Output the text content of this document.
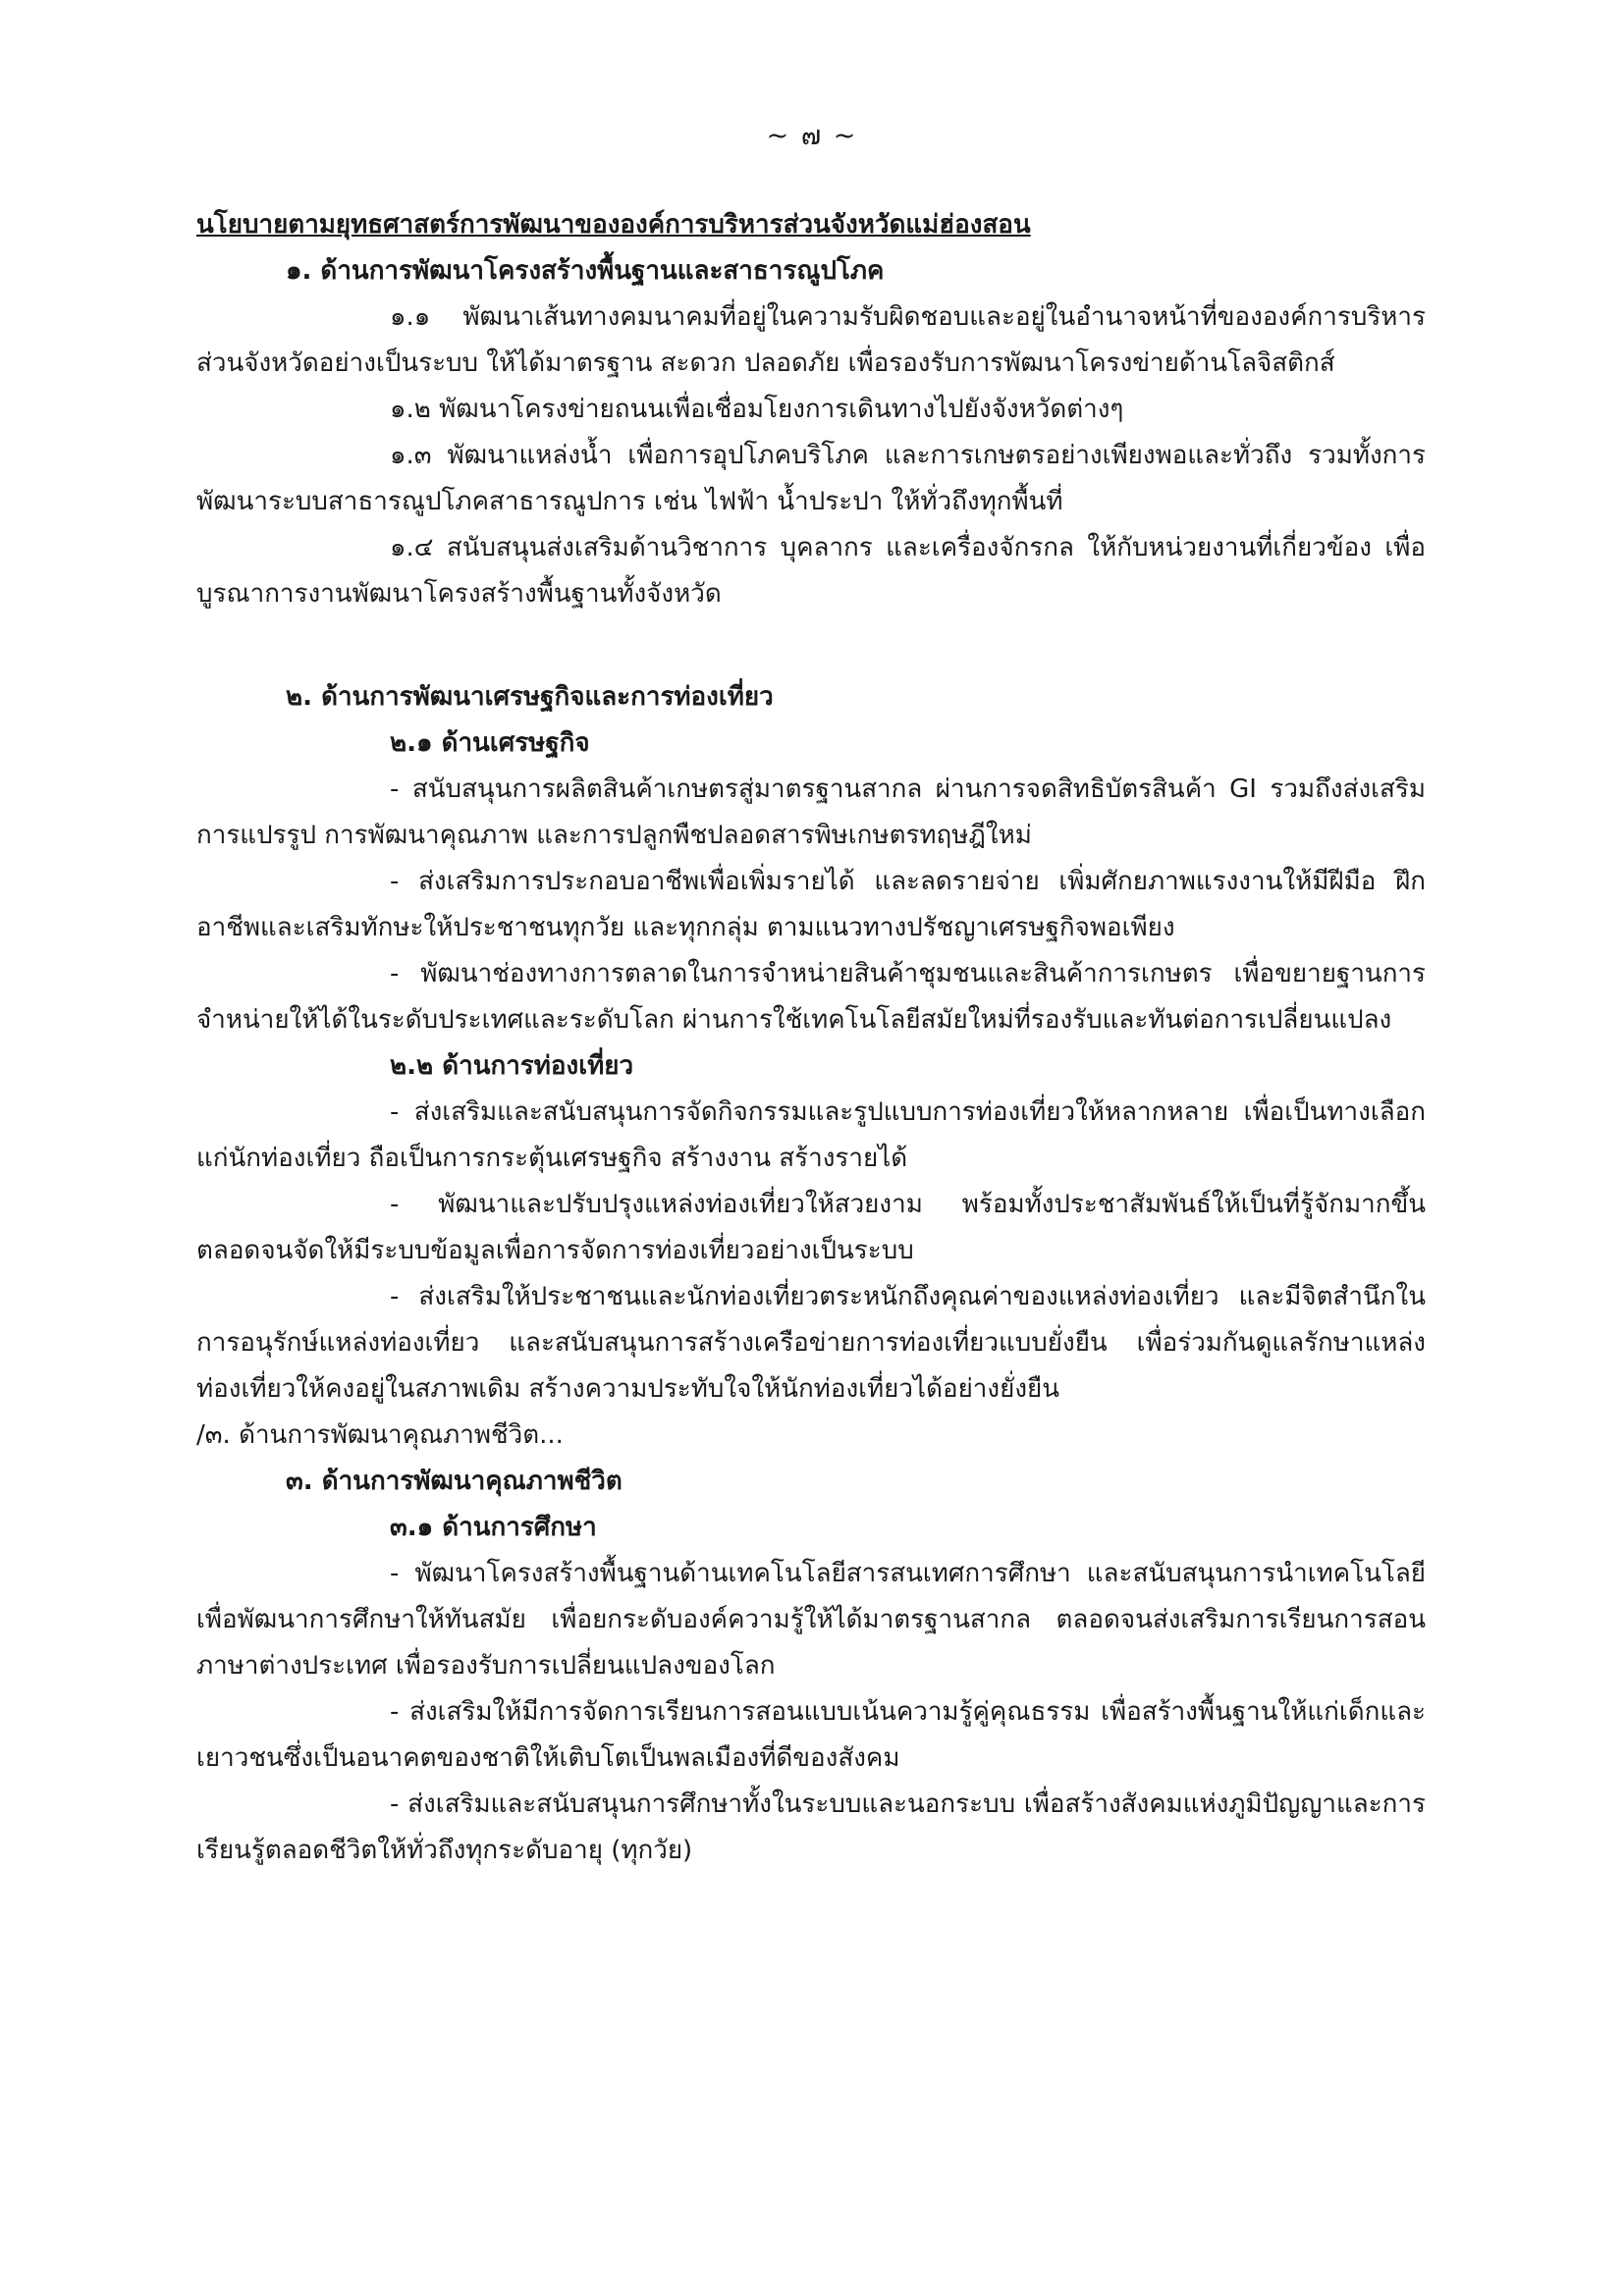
~ ๗ ~

นโยบายตามยุทธศาสตร์การพัฒนาขององค์การบริหารส่วนจังหวัดแม่ฮ่องสอน

๑. ด้านการพัฒนาโครงสร้างพื้นฐานและสาธารณูปโภค

๑.๑ พัฒนาเส้นทางคมนาคมที่อยู่ในความรับผิดชอบและอยู่ในอำนาจหน้าที่ขององค์การบริหารส่วนจังหวัดอย่างเป็นระบบ ให้ได้มาตรฐาน สะดวก ปลอดภัย เพื่อรองรับการพัฒนาโครงข่ายด้านโลจิสติกส์

๑.๒ พัฒนาโครงข่ายถนนเพื่อเชื่อมโยงการเดินทางไปยังจังหวัดต่างๆ

๑.๓ พัฒนาแหล่งน้ำ เพื่อการอุปโภคบริโภค และการเกษตรอย่างเพียงพอและทั่วถึง รวมทั้งการพัฒนาระบบสาธารณูปโภคสาธารณูปการ เช่น ไฟฟ้า น้ำประปา ให้ทั่วถึงทุกพื้นที่

๑.๔ สนับสนุนส่งเสริมด้านวิชาการ บุคลากร และเครื่องจักรกล ให้กับหน่วยงานที่เกี่ยวข้อง เพื่อบูรณาการงานพัฒนาโครงสร้างพื้นฐานทั้งจังหวัด

๒. ด้านการพัฒนาเศรษฐกิจและการท่องเที่ยว

๒.๑ ด้านเศรษฐกิจ

- สนับสนุนการผลิตสินค้าเกษตรสู่มาตรฐานสากล ผ่านการจดสิทธิบัตรสินค้า GI รวมถึงส่งเสริมการแปรรูป การพัฒนาคุณภาพ และการปลูกพืชปลอดสารพิษเกษตรทฤษฎีใหม่

- ส่งเสริมการประกอบอาชีพเพื่อเพิ่มรายได้ และลดรายจ่าย เพิ่มศักยภาพแรงงานให้มีฝีมือ ฝึกอาชีพและเสริมทักษะให้ประชาชนทุกวัย และทุกกลุ่ม ตามแนวทางปรัชญาเศรษฐกิจพอเพียง

- พัฒนาช่องทางการตลาดในการจำหน่ายสินค้าชุมชนและสินค้าการเกษตร เพื่อขยายฐานการจำหน่ายให้ได้ในระดับประเทศและระดับโลก ผ่านการใช้เทคโนโลยีสมัยใหม่ที่รองรับและทันต่อการเปลี่ยนแปลง

๒.๒ ด้านการท่องเที่ยว

- ส่งเสริมและสนับสนุนการจัดกิจกรรมและรูปแบบการท่องเที่ยวให้หลากหลาย เพื่อเป็นทางเลือกแก่นักท่องเที่ยว ถือเป็นการกระตุ้นเศรษฐกิจ สร้างงาน สร้างรายได้

- พัฒนาและปรับปรุงแหล่งท่องเที่ยวให้สวยงาม พร้อมทั้งประชาสัมพันธ์ให้เป็นที่รู้จักมากขึ้น ตลอดจนจัดให้มีระบบข้อมูลเพื่อการจัดการท่องเที่ยวอย่างเป็นระบบ

- ส่งเสริมให้ประชาชนและนักท่องเที่ยวตระหนักถึงคุณค่าของแหล่งท่องเที่ยว และมีจิตสำนึกในการอนุรักษ์แหล่งท่องเที่ยว และสนับสนุนการสร้างเครือข่ายการท่องเที่ยวแบบยั่งยืน เพื่อร่วมกันดูแลรักษาแหล่งท่องเที่ยวให้คงอยู่ในสภาพเดิม สร้างความประทับใจให้นักท่องเที่ยวได้อย่างยั่งยืน

/๓. ด้านการพัฒนาคุณภาพชีวิต...

๓. ด้านการพัฒนาคุณภาพชีวิต

๓.๑ ด้านการศึกษา

- พัฒนาโครงสร้างพื้นฐานด้านเทคโนโลยีสารสนเทศการศึกษา และสนับสนุนการนำเทคโนโลยีเพื่อพัฒนาการศึกษาให้ทันสมัย เพื่อยกระดับองค์ความรู้ให้ได้มาตรฐานสากล ตลอดจนส่งเสริมการเรียนการสอนภาษาต่างประเทศ เพื่อรองรับการเปลี่ยนแปลงของโลก

- ส่งเสริมให้มีการจัดการเรียนการสอนแบบเน้นความรู้คู่คุณธรรม เพื่อสร้างพื้นฐานให้แก่เด็กและเยาวชนซึ่งเป็นอนาคตของชาติให้เติบโตเป็นพลเมืองที่ดีของสังคม

- ส่งเสริมและสนับสนุนการศึกษาทั้งในระบบและนอกระบบ เพื่อสร้างสังคมแห่งภูมิปัญญาและการเรียนรู้ตลอดชีวิตให้ทั่วถึงทุกระดับอายุ (ทุกวัย)
